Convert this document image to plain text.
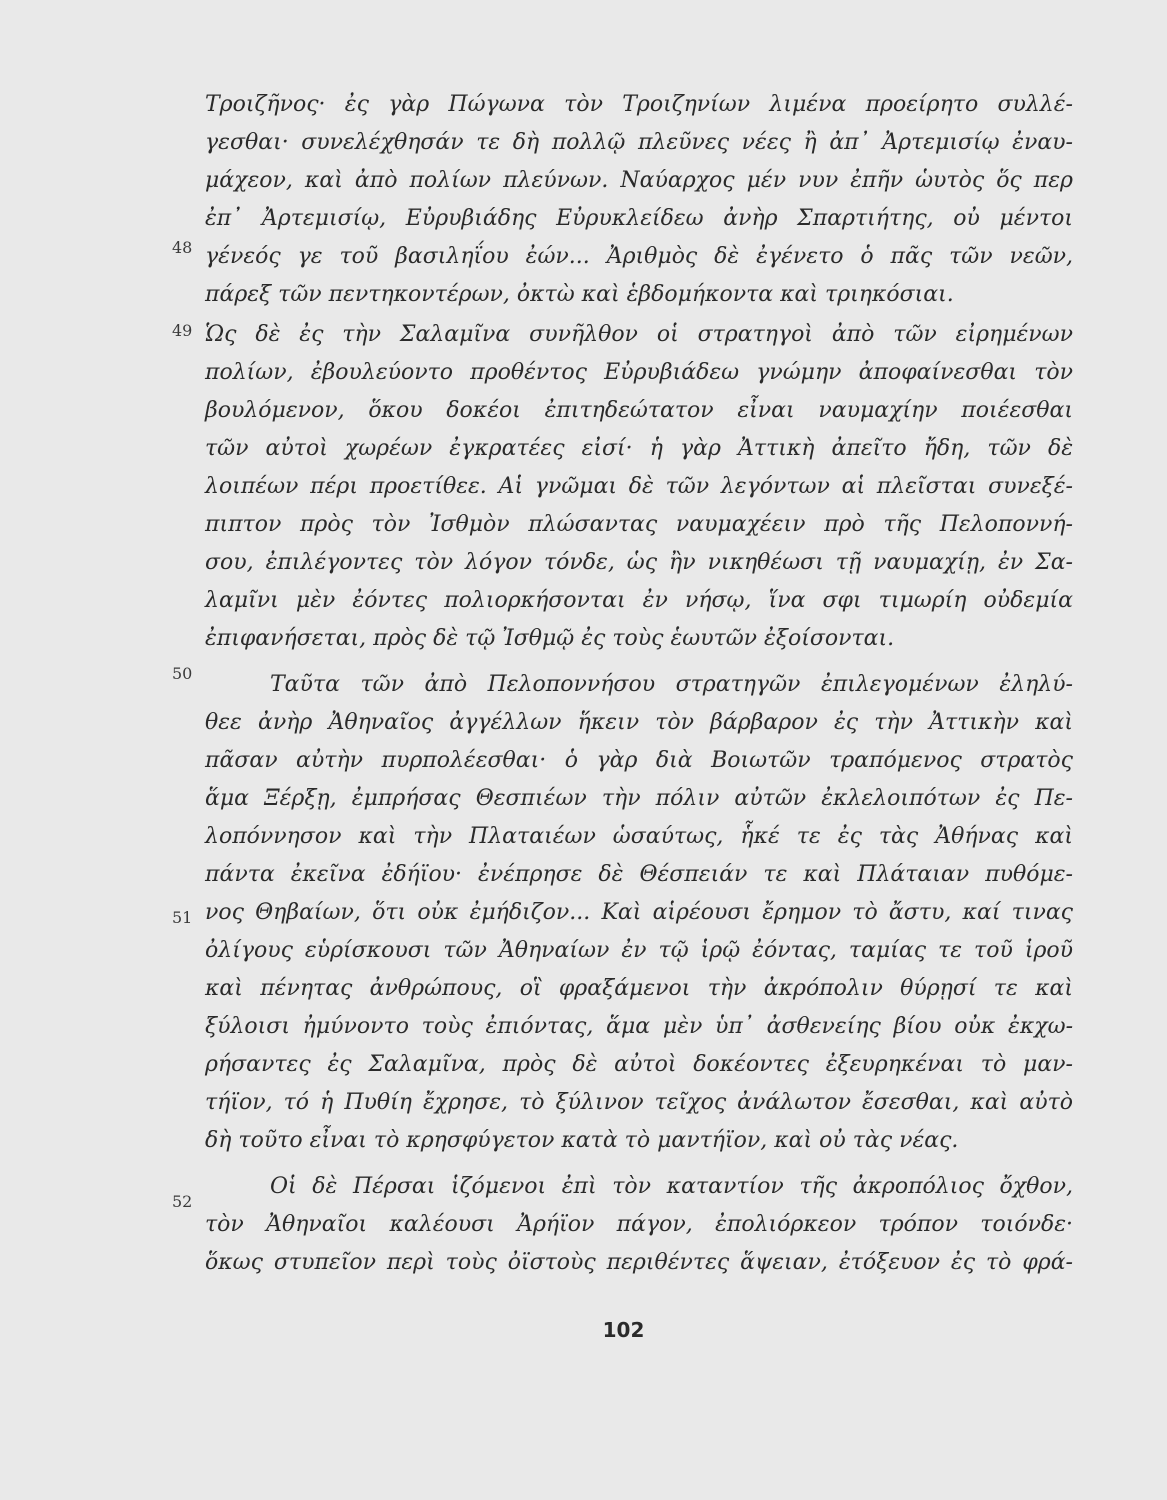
48
49
50
51
52
Τροιζῆνος· ἐς γὰρ Πώγωνα τὸν Τροιζηνίων λιμένα προείρητο συλλέ-
γεσθαι· συνελέχθησάν τε δὴ πολλῷ πλεῦνες νέες ἢ ἀπ᾽ Ἀρτεμισίῳ ἐναυ-
μάχεον, καὶ ἀπὸ πολίων πλεύνων. Ναύαρχος μέν νυν ἐπῆν ὡυτὸς ὅς περ
ἐπ᾽ Ἀρτεμισίῳ, Εὐρυβιάδης Εὐρυκλείδεω ἀνὴρ Σπαρτιήτης, οὐ μέντοι
γένεός γε τοῦ βασιληΐου ἐών... Ἀριθμὸς δὲ ἐγένετο ὁ πᾶς τῶν νεῶν,
πάρεξ τῶν πεντηκοντέρων, ὀκτὼ καὶ ἑβδομήκοντα καὶ τριηκόσιαι.
Ὡς δὲ ἐς τὴν Σαλαμῖνα συνῆλθον οἱ στρατηγοὶ ἀπὸ τῶν εἰρημένων
πολίων, ἐβουλεύοντο προθέντος Εὐρυβιάδεω γνώμην ἀποφαίνεσθαι τὸν
βουλόμενον, ὅκου δοκέοι ἐπιτηδεώτατον εἶναι ναυμαχίην ποιέεσθαι
τῶν αὐτοὶ χωρέων ἐγκρατέες εἰσί· ἡ γὰρ Ἀττικὴ ἀπεῖτο ἤδη, τῶν δὲ
λοιπέων πέρι προετίθεε. Αἱ γνῶμαι δὲ τῶν λεγόντων αἱ πλεῖσται συνεξέ-
πιπτον πρὸς τὸν Ἰσθμὸν πλώσαντας ναυμαχέειν πρὸ τῆς Πελοποννή-
σου, ἐπιλέγοντες τὸν λόγον τόνδε, ὡς ἢν νικηθέωσι τῇ ναυμαχίῃ, ἐν Σα-
λαμῖνι μὲν ἐόντες πολιορκήσονται ἐν νήσῳ, ἵνα σφι τιμωρίη οὐδεμία
ἐπιφανήσεται, πρὸς δὲ τῷ Ἰσθμῷ ἐς τοὺς ἑωυτῶν ἐξοίσονται.
Ταῦτα τῶν ἀπὸ Πελοποννήσου στρατηγῶν ἐπιλεγομένων ἐληλύ-
θεε ἀνὴρ Ἀθηναῖος ἀγγέλλων ἥκειν τὸν βάρβαρον ἐς τὴν Ἀττικὴν καὶ
πᾶσαν αὐτὴν πυρπολέεσθαι· ὁ γὰρ διὰ Βοιωτῶν τραπόμενος στρατὸς
ἅμα Ξέρξῃ, ἐμπρήσας Θεσπιέων τὴν πόλιν αὐτῶν ἐκλελοιπότων ἐς Πε-
λοπόννησον καὶ τὴν Πλαταιέων ὡσαύτως, ἧκέ τε ἐς τὰς Ἀθήνας καὶ
πάντα ἐκεῖνα ἐδήϊου· ἐνέπρησε δὲ Θέσπειάν τε καὶ Πλάταιαν πυθόμε-
νος Θηβαίων, ὅτι οὐκ ἐμήδιζον... Καὶ αἱρέουσι ἔρημον τὸ ἄστυ, καί τινας
ὀλίγους εὑρίσκουσι τῶν Ἀθηναίων ἐν τῷ ἱρῷ ἐόντας, ταμίας τε τοῦ ἱροῦ
καὶ πένητας ἀνθρώπους, οἳ φραξάμενοι τὴν ἀκρόπολιν θύρῃσί τε καὶ
ξύλοισι ἠμύνοντο τοὺς ἐπιόντας, ἅμα μὲν ὑπ᾽ ἀσθενείης βίου οὐκ ἐκχω-
ρήσαντες ἐς Σαλαμῖνα, πρὸς δὲ αὐτοὶ δοκέοντες ἐξευρηκέναι τὸ μαν-
τήϊον, τό ἡ Πυθίη ἔχρησε, τὸ ξύλινον τεῖχος ἀνάλωτον ἔσεσθαι, καὶ αὐτὸ
δὴ τοῦτο εἶναι τὸ κρησφύγετον κατὰ τὸ μαντήϊον, καὶ οὐ τὰς νέας.
Οἱ δὲ Πέρσαι ἱζόμενοι ἐπὶ τὸν καταντίον τῆς ἀκροπόλιος ὄχθον,
τὸν Ἀθηναῖοι καλέουσι Ἀρήϊον πάγον, ἐπολιόρκεον τρόπον τοιόνδε·
ὅκως στυπεῖον περὶ τοὺς ὀϊστοὺς περιθέντες ἅψειαν, ἐτόξευον ἐς τὸ φρά-
102
